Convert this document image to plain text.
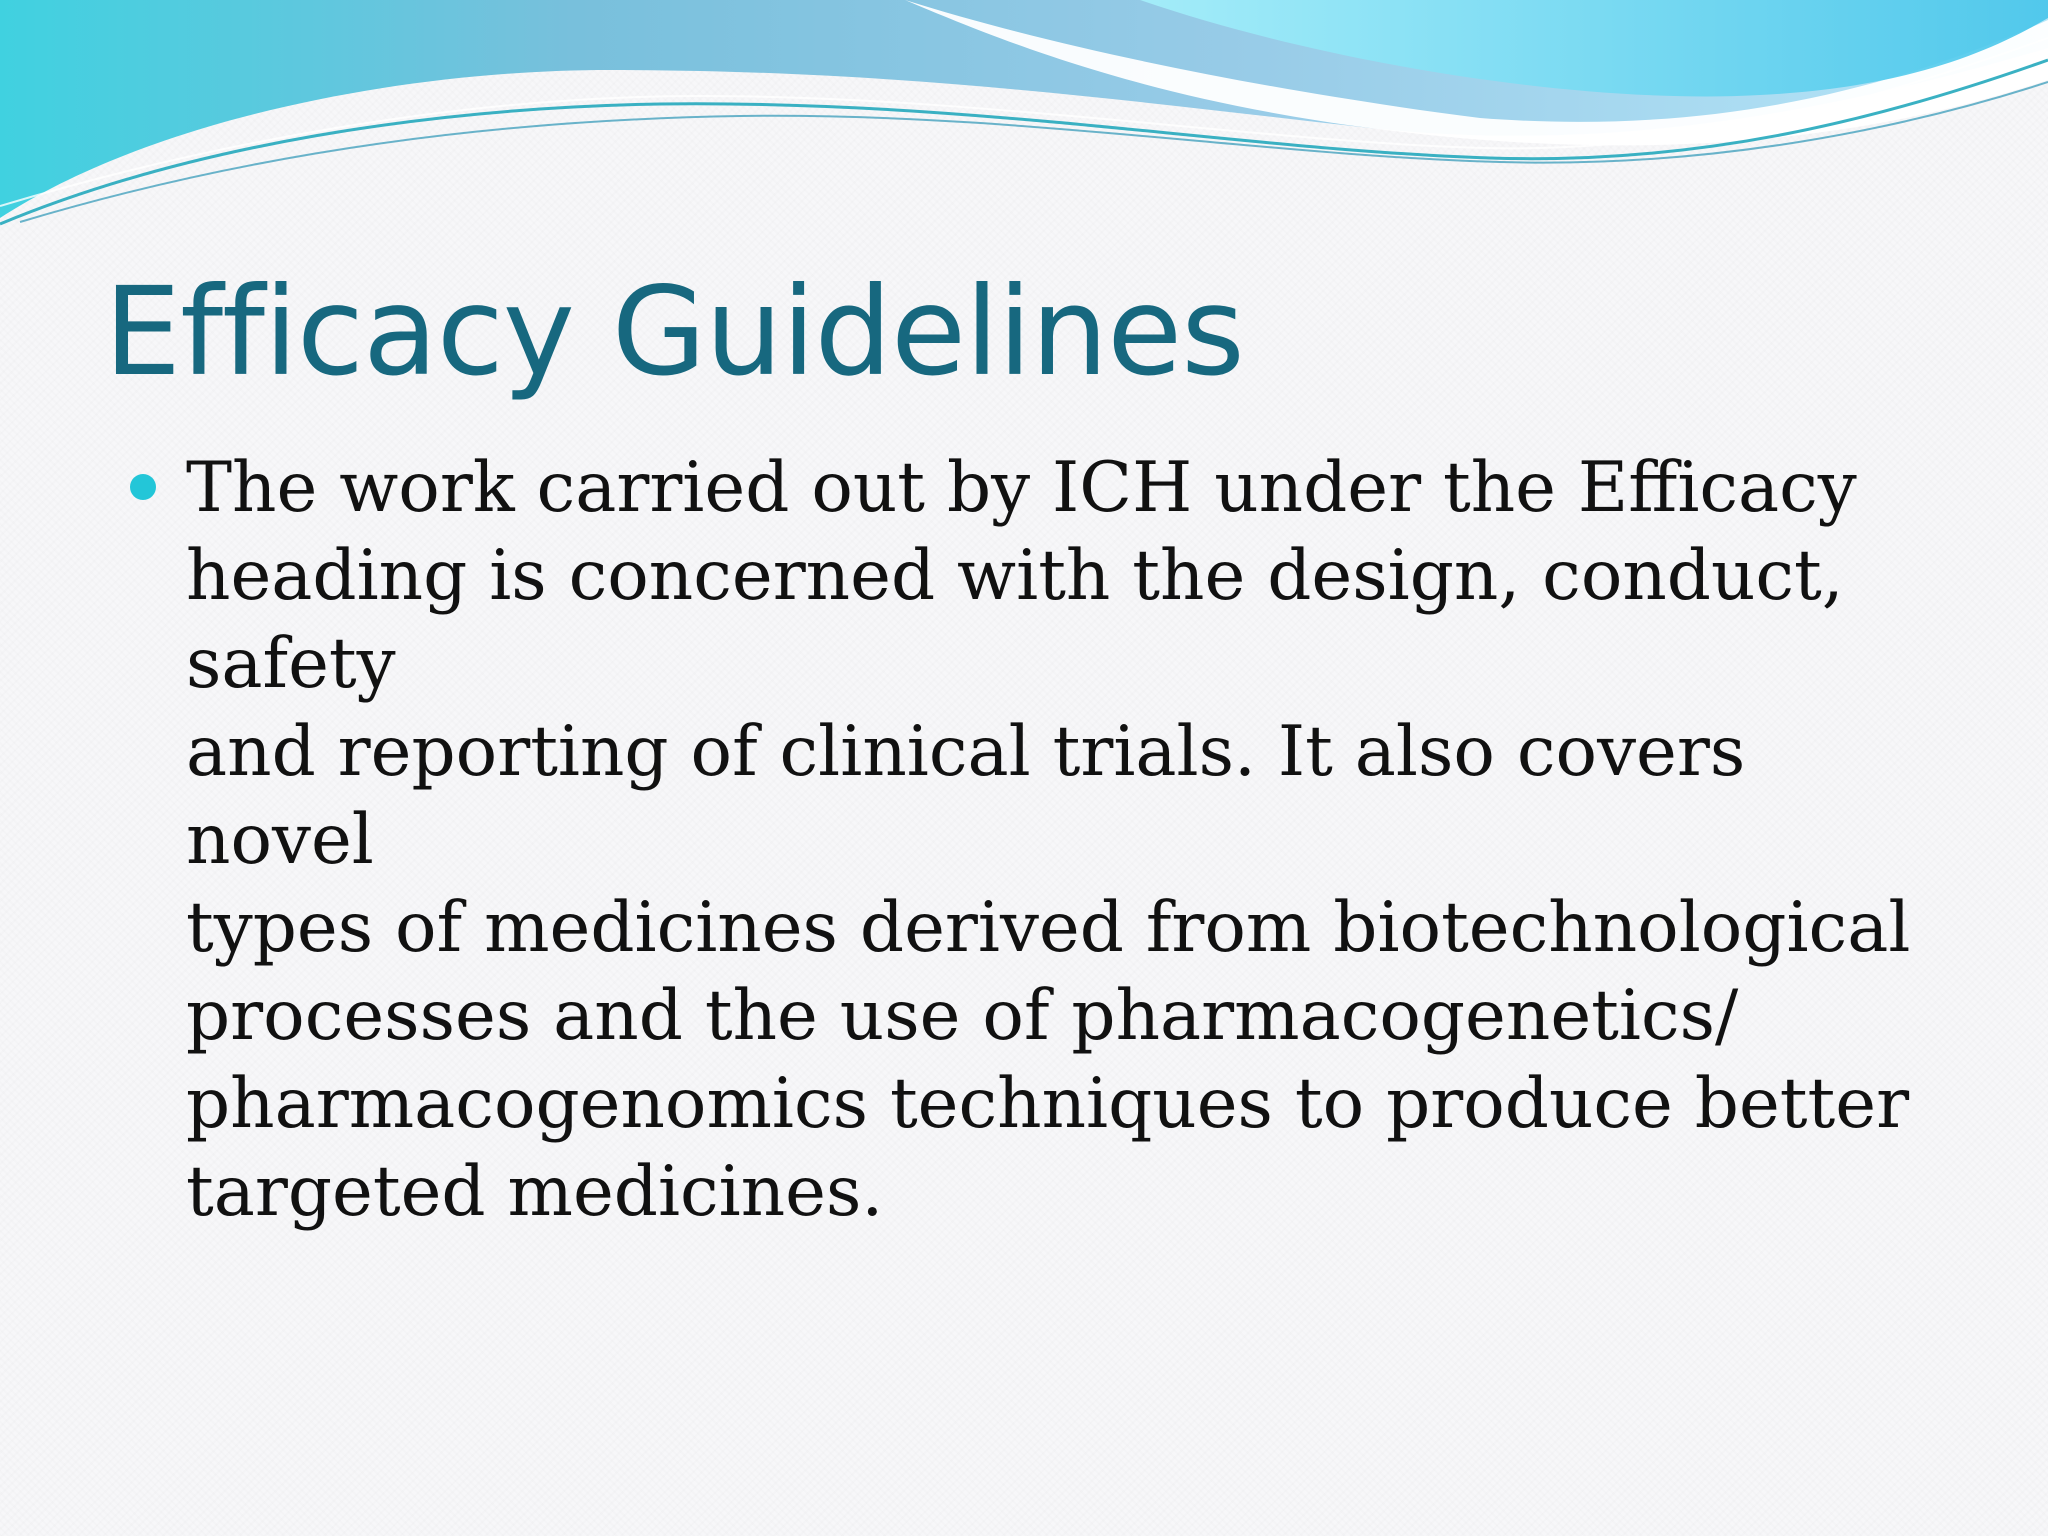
Efficacy Guidelines
The work carried out by ICH under the Efficacy
heading is concerned with the design, conduct, safety
and reporting of clinical trials. It also covers novel
types of medicines derived from biotechnological
processes and the use of pharmacogenetics/
pharmacogenomics techniques to produce better
targeted medicines.
